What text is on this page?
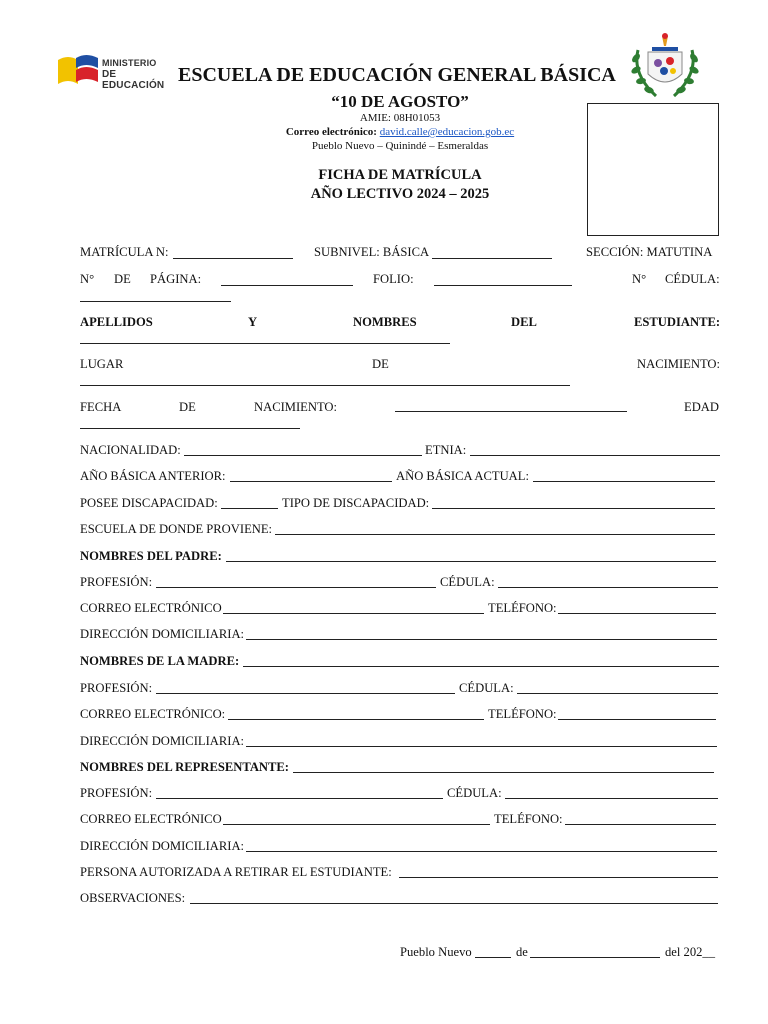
MINISTERIO
DE EDUCACIÓN ESCUELA DE EDUCACIÓN GENERAL BÁSICA
“10 DE AGOSTO”
AMIE: 08H01053
Correo electrónico: david.calle@educacion.gob.ec
Pueblo Nuevo – Quinindé – Esmeraldas
FICHA DE MATRÍCULA
AÑO LECTIVO 2024 – 2025
MATRÍCULA N:	SUBNIVEL: BÁSICA	SECCIÓN: MATUTINA
N° DE PÁGINA:	FOLIO:	N° CÉDULA:
APELLIDOS	Y	NOMBRES	DEL	ESTUDIANTE:
LUGAR	DE	NACIMIENTO:
FECHA	DE	NACIMIENTO:	EDAD
NACIONALIDAD:	ETNIA:
AÑO BÁSICA ANTERIOR:	AÑO BÁSICA ACTUAL:
POSEE DISCAPACIDAD:	TIPO DE DISCAPACIDAD:
ESCUELA DE DONDE PROVIENE:
NOMBRES DEL PADRE:
PROFESIÓN:	CÉDULA:
CORREO ELECTRÓNICO	TELÉFONO:
DIRECCIÓN DOMICILIARIA:
NOMBRES DE LA MADRE:
PROFESIÓN:	CÉDULA:
CORREO ELECTRÓNICO:	TELÉFONO:
DIRECCIÓN DOMICILIARIA:
NOMBRES DEL REPRESENTANTE:
PROFESIÓN:	CÉDULA:
CORREO ELECTRÓNICO	TELÉFONO:
DIRECCIÓN DOMICILIARIA:
PERSONA AUTORIZADA A RETIRAR EL ESTUDIANTE:
OBSERVACIONES:
Pueblo Nuevo	de	del 202__
